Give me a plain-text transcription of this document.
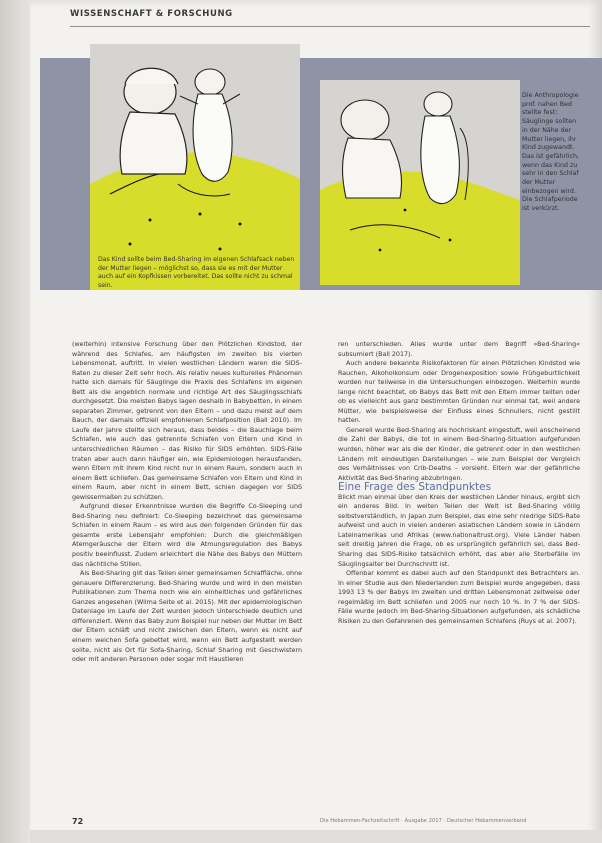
WISSENSCHAFT & FORSCHUNG
Das Kind sollte beim Bed-Sharing im eigenen Schlafsack neben der Mutter liegen – möglichst so, dass sie es mit der Mutter auch auf ein Kopfkissen vorbereitet. Das sollte nicht zu schmal sein.
Die Anthropologie prof. nahen Bed stellte fest: Säuglinge sollten in der Nähe der Mutter liegen, ihr Kind zugewandt. Das ist gefährlich, wenn das Kind zu sehr in den Schlaf der Mutter einbezogen wird. Die Schlafperiode ist verkürzt.

(weiterhin) intensive Forschung über den Plötzlichen Kindstod, der während des Schlafes, am häufigsten im zweiten bis vierten Lebensmonat, auftritt. In vielen westlichen Ländern waren die SIDS-Raten zu dieser Zeit sehr hoch. Als relativ neues kulturelles Phänomen hatte sich damals für Säuglinge die Praxis des Schlafens im eigenen Bett als die angeblich normale und richtige Art des Säuglingsschlafs durchgesetzt. Die meisten Babys lagen deshalb in Babybetten, in einem separaten Zimmer, getrennt von den Eltern – und dazu meist auf dem Bauch, der damals offiziell empfohlenen Schlafposition (Ball 2010). Im Laufe der Jahre stellte sich heraus, dass beides – die Bauchlage beim Schlafen, wie auch das getrennte Schlafen von Eltern und Kind in unterschiedlichen Räumen – das Risiko für SIDS erhöhten. SIDS-Fälle traten aber auch dann häufiger ein, wie Epidemiologen herausfanden, wenn Eltern mit ihrem Kind nicht nur in einem Raum, sondern auch in einem Bett schliefen. Das gemeinsame Schlafen von Eltern und Kind in einem Raum, aber nicht in einem Bett, schien dagegen vor SIDS gewissermaßen zu schützen.

Aufgrund dieser Erkenntnisse wurden die Begriffe Co-Sleeping und Bed-Sharing neu definiert: Co-Sleeping bezeichnet das gemeinsame Schlafen in einem Raum – es wird aus den folgenden Gründen für das gesamte erste Lebensjahr empfohlen: Durch die gleichmäßigen Atemgeräusche der Eltern wird die Atmungsregulation des Babys positiv beeinflusst. Zudem erleichtert die Nähe des Babys den Müttern das nächtliche Stillen.

Als Bed-Sharing gilt das Teilen einer gemeinsamen Schlaffläche, ohne genauere Differenzierung. Bed-Sharing wurde und wird in den meisten Publikationen zum Thema noch wie ein einheitliches und gefährliches Ganzes angesehen (Wilma Seite et al. 2015). Mit der epidemiologischen Datenlage im Laufe der Zeit wurden jedoch Unterschiede deutlich und differenziert. Wenn das Baby zum Beispiel nur neben der Mutter im Bett der Eltern schläft und nicht zwischen den Eltern, wenn es nicht auf einem weichen Sofa gebettet wird, wenn ein Bett aufgestellt werden sollte, nicht als Ort für Sofa-Sharing, Schlaf Sharing mit Geschwistern oder mit anderen Personen oder sogar mit Haustieren

ren unterschieden. Alles wurde unter dem Begriff »Bed-Sharing« subsumiert (Ball 2017).

Auch andere bekannte Risikofaktoren für einen Plötzlichen Kindstod wie Rauchen, Alkoholkonsum oder Drogenexposition sowie Frühgeburtlichkeit wurden nur teilweise in die Untersuchungen einbezogen. Weiterhin wurde lange nicht beachtet, ob Babys das Bett mit den Eltern immer teilten oder ob es vielleicht aus ganz bestimmten Gründen nur einmal tat, weil andere Mütter, wie beispielsweise der Einfluss eines Schnullers, nicht gestillt hatten.

Generell wurde Bed-Sharing als hochriskant eingestuft, weil anscheinend die Zahl der Babys, die tot in einem Bed-Sharing-Situation aufgefunden wurden, höher war als die der Kinder, die getrennt oder in den westlichen Ländern mit eindeutigen Darstellungen – wie zum Beispiel der Vergleich des Verhältnisses von Crib-Deaths – vorsieht. Eltern war der gefährliche Aktivität das Bed-Sharing abzubringen.

Eine Frage des Standpunktes

Blickt man einmal über den Kreis der westlichen Länder hinaus, ergibt sich ein anderes Bild. In weiten Teilen der Welt ist Bed-Sharing völlig selbstverständlich, in Japan zum Beispiel, das eine sehr niedrige SIDS-Rate aufweist und auch in vielen anderen asiatischen Ländern sowie in Ländern Lateinamerikas und Afrikas (www.nationaltrust.org). Viele Länder haben seit dreißig Jahren die Frage, ob es ursprünglich gefährlich sei, dass Bed-Sharing das SIDS-Risiko tatsächlich erhöht, das aber alle Sterbefälle im Säuglingsalter bei Durchschnitt ist.

Offenbar kommt es dabei auch auf den Standpunkt des Betrachters an. In einer Studie aus den Niederlanden zum Beispiel wurde angegeben, dass 1993 13 % der Babys im zweiten und dritten Lebensmonat zeitweise oder regelmäßig im Bett schliefen und 2005 nur noch 10 %. In 7 % der SIDS-Fälle wurde jedoch im Bed-Sharing-Situationen aufgefunden, als schädliche Risiken zu den Gefahrenen des gemeinsamen Schlafens (Ruys et al. 2007).

72	Die Hebammen-Fachzeitschrift · Ausgabe 2017 · Deutscher Hebammenverband
